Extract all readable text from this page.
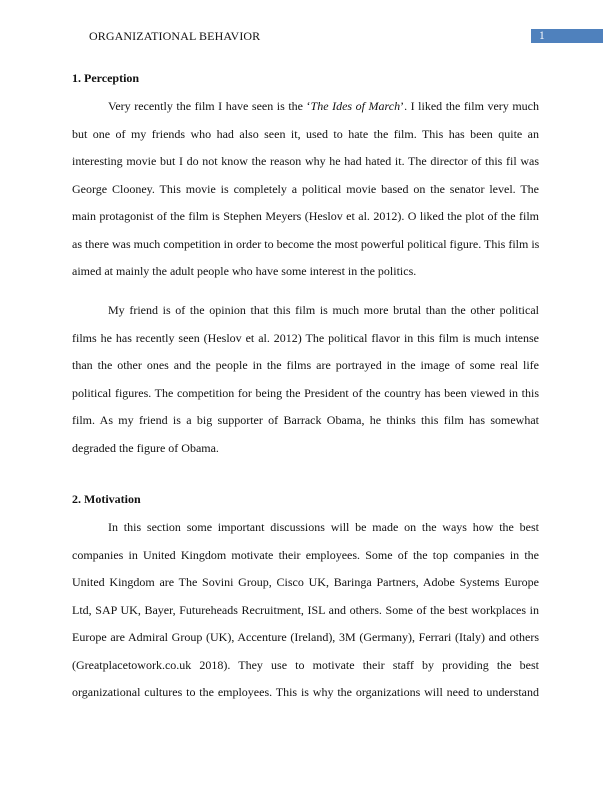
ORGANIZATIONAL BEHAVIOR	1
1. Perception
Very recently the film I have seen is the ‘The Ides of March’. I liked the film very much
but one of my friends who had also seen it, used to hate the film. This has been quite an
interesting movie but I do not know the reason why he had hated it. The director of this fil was
George Clooney. This movie is completely a political movie based on the senator level. The
main protagonist of the film is Stephen Meyers (Heslov et al. 2012). O liked the plot of the film
as there was much competition in order to become the most powerful political figure. This film is
aimed at mainly the adult people who have some interest in the politics.
My friend is of the opinion that this film is much more brutal than the other political
films he has recently seen (Heslov et al. 2012) The political flavor in this film is much intense
than the other ones and the people in the films are portrayed in the image of some real life
political figures. The competition for being the President of the country has been viewed in this
film. As my friend is a big supporter of Barrack Obama, he thinks this film has somewhat
degraded the figure of Obama.
2. Motivation
In this section some important discussions will be made on the ways how the best
companies in United Kingdom motivate their employees. Some of the top companies in the
United Kingdom are The Sovini Group, Cisco UK, Baringa Partners, Adobe Systems Europe
Ltd, SAP UK, Bayer, Futureheads Recruitment, ISL and others. Some of the best workplaces in
Europe are Admiral Group (UK), Accenture (Ireland), 3M (Germany), Ferrari (Italy) and others
(Greatplacetowork.co.uk 2018). They use to motivate their staff by providing the best
organizational cultures to the employees. This is why the organizations will need to understand
